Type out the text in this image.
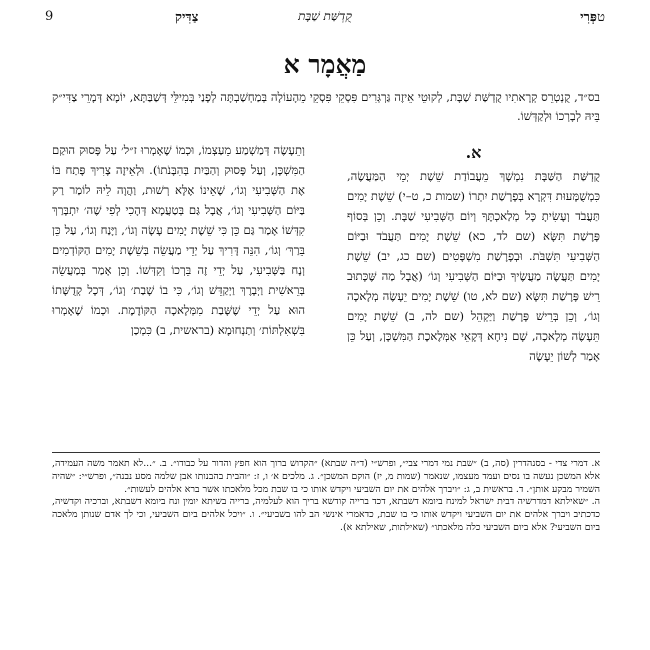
9	צַדִּיק	קֻדְשַּׁת שַׁבָּת	פְּרִי ט
מַאֲמָר א
בס״ד, קֻנְטְרֵס קְרָאתִיו קֻדְשַּׁת שַׁבָּת, לְקוּטֵי אֵיזֶה גַּרְגְּרִים פִּסְקֵי פִּסְקֵי מֵהָעוֹלָה בְּמַחְשַׁבְתָּה לְפָנַי בְּמִילֵּי דְּשַׁבַּתָּא, יוֹמָא דְּמָרֵי צַדִּי״ק בֵּיהּ לְבָרְכוֹ וּלְקַדְּשׁוֹ.
א.

קֻדְשַּׁת הַשַּׁבָּת נִמְשָׁךְ מֵעֲבוֹדַת שֵׁשֶׁת יְמֵי הַמַּעֲשֶׂה, כִּמְשֻׁמָּעוּת דִּקְרָא בְּפָרָשַׁת יִתְרוֹ (שמות כ, ט–י) שֵׁשֶׁת יָמִים תַּעֲבֹד וְעָשִׂיתָ כָּל מְלַאכְתֶּךָ וְיוֹם הַשְּׁבִיעִי שַׁבָּת. וְכֵן בְּסוֹף פָּרָשַׁת תִּשָּׂא (שם לד, כא) שֵׁשֶׁת יָמִים תַּעֲבֹד וּבַיּוֹם הַשְּׁבִיעִי תִּשְׁבֹּת. וּבְפָרָשַׁת מִשְׁפָּטִים (שם כג, יב) שֵׁשֶׁת יָמִים תַּעֲשֶׂה מַעֲשֶׂיךָ וּבַיּוֹם הַשְּׁבִיעִי וְגוֹ׳ (אֲבָל מַה שֶּׁכָּתוּב רֵישׁ פָּרָשַׁת תִּשָּׂא (שם לא, טו) שֵׁשֶׁת יָמִים יֵעָשֶׂה מְלָאכָה וְגוֹ׳, וְכֵן בְּרֵישׁ פָּרָשַׁת וַיַּקְהֵל (שם לה, ב) שֵׁשֶׁת יָמִים תֵּעָשֶׂה מְלָאכָה, שָׁם נִיחָא דְּקָאֵי אַמְּלֶאכֶת הַמִּשְׁכָּן, וְעַל כֵּן אָמַר לְשׁוֹן יֵעָשֶׂה

וְתֵעָשֶׂה דְּמַשְׁמַע מֵעַצְמוֹ, וּכְמוֹ שֶׁאָמְרוּ ז״ל׳ עַל פָּסוּק הוּקַם הַמִּשְׁכָּן, וְעַל פָּסוּק וְהַבַּיִת בְּהִבָּנֹתוֹ). וּלְאֵיזֶה צָרִיךְ פָּתַח בּוֹ אֶת הַשְּׁבִיעִי וְגוֹ׳, שֶׁאֵינוֹ אֶלָּא רְשׁוּת, וַהֲוָה לֵיהּ לוֹמַר רַק בַּיּוֹם הַשְּׁבִיעִי וְגוֹ׳, אֲבָל גַּם בְּטַעֲמָא דְּהָכִי לְפִי שֶׁה׳ יִתְבָּרַךְ קִדְּשׁוֹ אָמַר גַּם כֵּן כִּי שֵׁשֶׁת יָמִים עָשָׂה וְגוֹ׳, וַיָּנַח וְגוֹ׳, עַל כֵּן בֵּרַךְ׳ וְגוֹ׳, הִנֵּה דָּרִיךְ עַל יְדֵי מַעֲשֵׂה בְּשֵׁשֶׁת יָמִים הַקּוֹדְמִים וְנָח בַּשְּׁבִיעִי, עַל יְדֵי זֶה בֵּרְכוֹ וְקִדְּשׁוֹ. וְכֵן אָמַר בְּמַעֲשֵׂה בְּרֵאשִׁית וַיְבָרֶךְ וַיְקַדֵּשׁ וְגוֹ׳, כִּי בוֹ שָׁבַת׳ וְגוֹ׳, דְּכָל קְדֻשָּׁתוֹ הוּא עַל יְדֵי שֶׁשָּׁבַת מִמְּלָאכָה הַקּוֹדֶמֶת. וּכְמוֹ שֶׁאָמְרוּ בִּשְׁאִלְתּוֹת׳ וְתַנְחוּמָא (בראשית, ב) כִּמְכַן

א. דמרי צדי - בסנהדרין (סה, ב) ״שבת נמי דמרי צבי״, ופרש״י (ד״ה שבתא) ״הקדוש ברוך הוא חפץ והדור על כבודו״. ב. ״...לא תאמר משה העמידה, אלא המשכן נעשה בו נסים ועמד מעצמו, שנאמר (שמות מ, יז) הוקם המשכן״. ג. מלכים א׳ ו, ז: ״והבית בהבנותו אבן שלמה מסע נבנה״, ופרש״י: ״שהיה השמיר מבקע אותן״. ד. בראשית ב, ג: ״ויברך אלהים את יום השביעי ויקדש אותו כי בו שבת מכל מלאכתו אשר ברא אלהים לעשות״.

ה. ״שאילתא דמדרשיה דבית ישראל למינח ביומא דשבתא, דכד ברייה קודשא בריך הוא לעלמיה, ברייה בשיתא יומין ונח ביומא דשבתא, וברכיה וקדשיה, כדכתיב ויברך אלהים את יום השביעי ויקדש אותו כי בו שבת, כדאמרי אינשי הב להו בשביעי״. ו. ״ויכל אלהים ביום השביעי, וכי לך אדם שנותן מלאכה ביום השביעי? אלא ביום השביעי כלה מלאכתו״ (שאילתות, שאילתא א).
